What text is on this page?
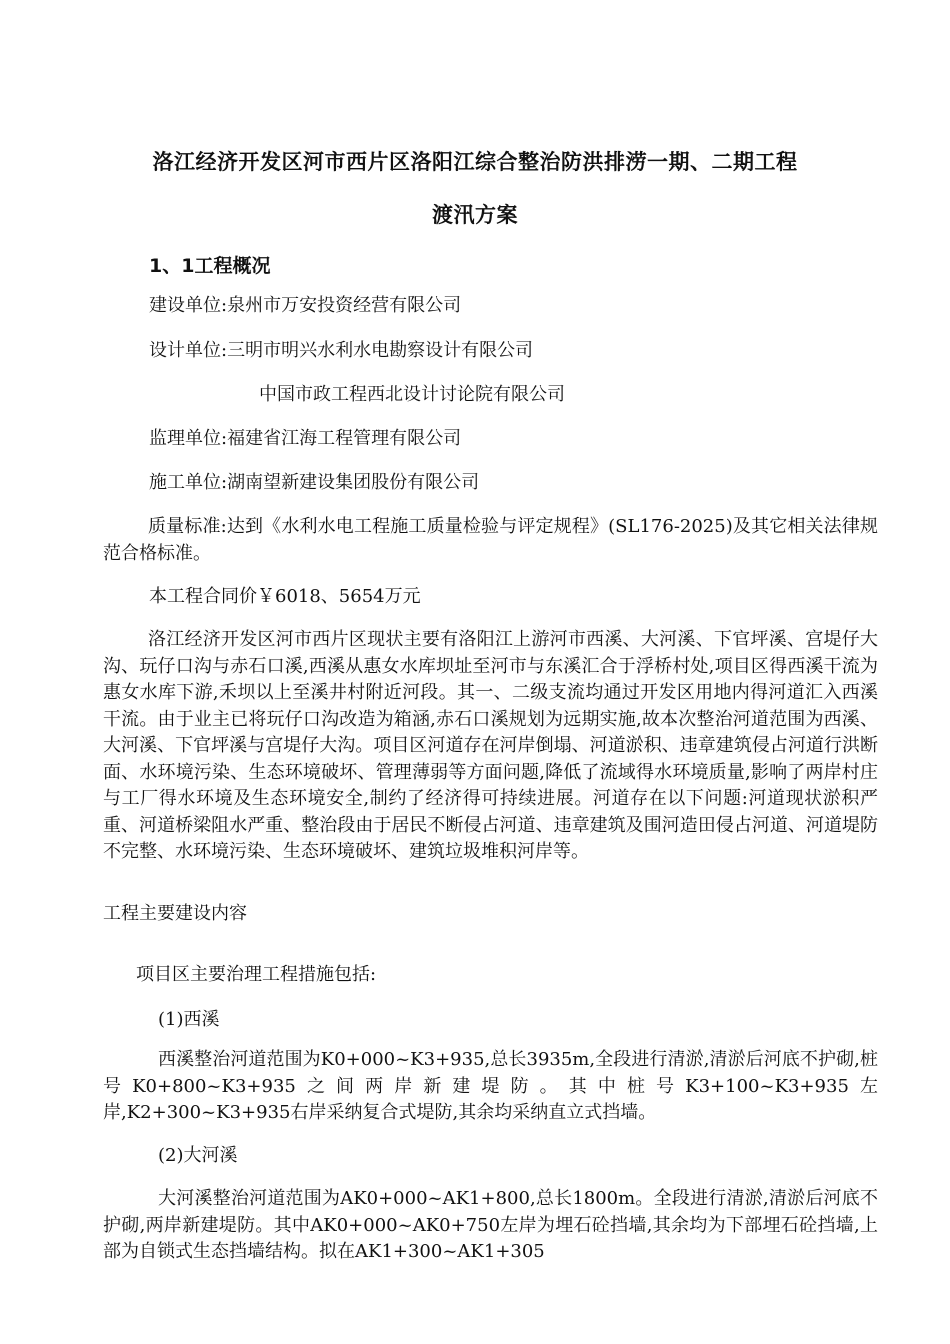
洛江经济开发区河市西片区洛阳江综合整治防洪排涝一期、二期工程
渡汛方案
1、1工程概况

建设单位:泉州市万安投资经营有限公司

设计单位:三明市明兴水利水电勘察设计有限公司

中国市政工程西北设计讨论院有限公司

监理单位:福建省江海工程管理有限公司

施工单位:湖南望新建设集团股份有限公司

质量标准:达到《水利水电工程施工质量检验与评定规程》(SL176-2025)及其它相关法律规范合格标准。

本工程合同价￥6018、5654万元

洛江经济开发区河市西片区现状主要有洛阳江上游河市西溪、大河溪、下官坪溪、宫堤仔大沟、玩仔口沟与赤石口溪,西溪从惠女水库坝址至河市与东溪汇合于浮桥村处,项目区得西溪干流为惠女水库下游,禾坝以上至溪井村附近河段。其一、二级支流均通过开发区用地内得河道汇入西溪干流。由于业主已将玩仔口沟改造为箱涵,赤石口溪规划为远期实施,故本次整治河道范围为西溪、大河溪、下官坪溪与宫堤仔大沟。项目区河道存在河岸倒塌、河道淤积、违章建筑侵占河道行洪断面、水环境污染、生态环境破坏、管理薄弱等方面问题,降低了流域得水环境质量,影响了两岸村庄与工厂得水环境及生态环境安全,制约了经济得可持续进展。河道存在以下问题:河道现状淤积严重、河道桥梁阻水严重、整治段由于居民不断侵占河道、违章建筑及围河造田侵占河道、河道堤防不完整、水环境污染、生态环境破坏、建筑垃圾堆积河岸等。

工程主要建设内容

项目区主要治理工程措施包括:

(1)西溪

西溪整治河道范围为K0+000~K3+935,总长3935m,全段进行清淤,清淤后河底不护砌,桩号K0+800~K3+935之间两岸新建堤防。其中桩号K3+100~K3+935左岸,K2+300~K3+935右岸采纳复合式堤防,其余均采纳直立式挡墙。

(2)大河溪

大河溪整治河道范围为AK0+000~AK1+800,总长1800m。全段进行清淤,清淤后河底不护砌,两岸新建堤防。其中AK0+000~AK0+750左岸为埋石砼挡墙,其余均为下部埋石砼挡墙,上部为自锁式生态挡墙结构。拟在AK1+300~AK1+305
